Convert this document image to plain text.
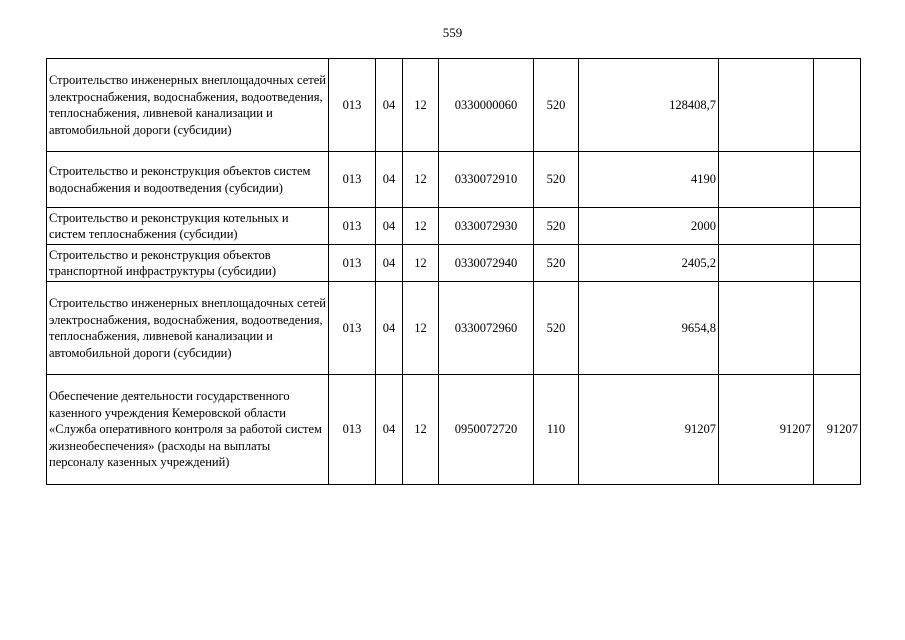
559
Строительство инженерных внеплощадочных сетей электроснабжения, водоснабжения, водоотведения, теплоснабжения, ливневой канализации и автомобильной дороги (субсидии)	013	04	12	0330000060	520	128408,7		
Строительство и реконструкция объектов систем водоснабжения и водоотведения (субсидии)	013	04	12	0330072910	520	4190		
Строительство и реконструкция котельных и систем теплоснабжения (субсидии)	013	04	12	0330072930	520	2000		
Строительство и реконструкция объектов транспортной инфраструктуры (субсидии)	013	04	12	0330072940	520	2405,2		
Строительство инженерных внеплощадочных сетей электроснабжения, водоснабжения, водоотведения, теплоснабжения, ливневой канализации и автомобильной дороги (субсидии)	013	04	12	0330072960	520	9654,8		
Обеспечение деятельности государственного казенного учреждения Кемеровской области «Служба оперативного контроля за работой систем жизнеобеспечения» (расходы на выплаты персоналу казенных учреждений)	013	04	12	0950072720	110	91207	91207	91207
